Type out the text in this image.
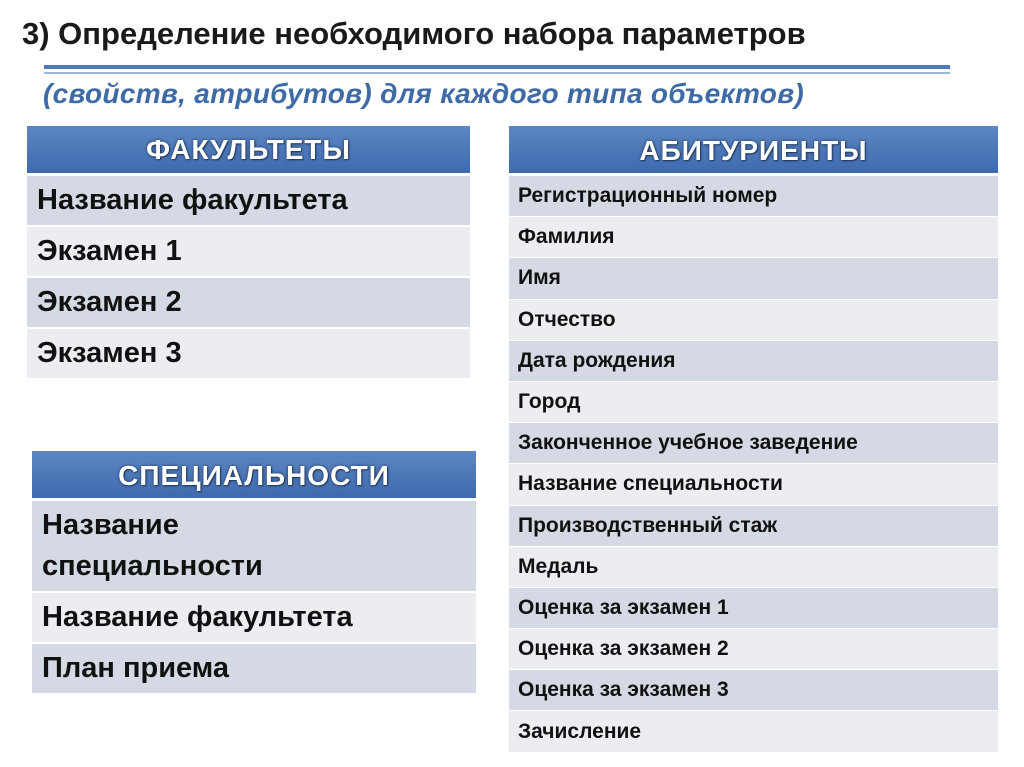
3) Определение необходимого набора параметров
(свойств, атрибутов) для каждого типа объектов)
ФАКУЛЬТЕТЫ
Название факультета
Экзамен 1
Экзамен 2
Экзамен 3
СПЕЦИАЛЬНОСТИ
Название специальности
Название факультета
План приема
АБИТУРИЕНТЫ
Регистрационный номер
Фамилия
Имя
Отчество
Дата рождения
Город
Законченное учебное заведение
Название специальности
Производственный стаж
Медаль
Оценка за экзамен 1
Оценка за экзамен 2
Оценка за экзамен 3
Зачисление
